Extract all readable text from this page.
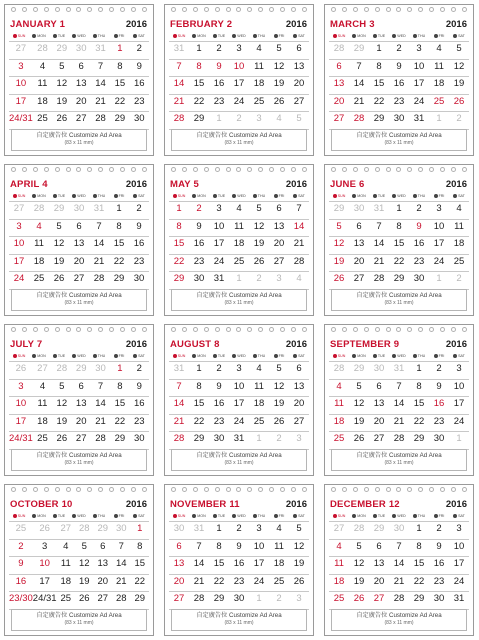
JANUARY 1	2016
SUN	MON	TUE	WED	THU	FRI	SAT
27	28 29 30 31	1	2
3	4	5	6	7	8	9
10	11 12 13 14 15 16
17	18 19 20 21 22 23
24/31 25 26 27 28 29 30
自定廣告位 Customize Ad Area
(83 x 11 mm)
FEBRUARY 2	2016
SUN	MON	TUE	WED	THU	FRI	SAT
31	1	2	3	4	5	6
7	8	9	10	11	12 13
14 15 16 17 18 19 20
21 22 23 24 25 26 27
28 29	1	2	3	4	5
自定廣告位 Customize Ad Area
(83 x 11 mm)
MARCH 3	2016
SUN	MON	TUE	WED	THU	FRI	SAT
28 29	1	2	3	4	5
6	7	8	9	10	11	12
13 14 15 16 17 18 19
20 21 22 23 24 25 26
27 28 29 30 31	1	2
自定廣告位 Customize Ad Area
(83 x 11 mm)
APRIL 4	2016
SUN	MON	TUE	WED	THU	FRI	SAT
27 28 29 30 31	1	2
3	4	5	6	7	8	9
10	11	12 13 14 15 16
17 18 19 20 21 22 23
24 25 26 27 28 29 30
自定廣告位 Customize Ad Area
(83 x 11 mm)
MAY 5	2016
SUN	MON	TUE	WED	THU	FRI	SAT
1	2	3	4	5	6	7
8	9	10	11	12 13 14
15 16 17 18 19 20 21
22 23 24 25 26 27 28
29 30 31	1	2	3	4
自定廣告位 Customize Ad Area
(83 x 11 mm)
JUNE 6	2016
SUN	MON	TUE	WED	THU	FRI	SAT
29 30 31	1	2	3	4
5	6	7	8	9	10	11
12 13 14 15 16 17 18
19 20 21 22 23 24 25
26 27 28 29 30	1	2
自定廣告位 Customize Ad Area
(83 x 11 mm)
JULY 7	2016
SUN	MON	TUE	WED	THU	FRI	SAT
26	27 28 29 30	1	2
3	4	5	6	7	8	9
10	11 12 13 14 15 16
17	18 19 20 21 22 23
24/31 25 26 27 28 29 30
自定廣告位 Customize Ad Area
(83 x 11 mm)
AUGUST 8	2016
SUN	MON	TUE	WED	THU	FRI	SAT
31	1	2	3	4	5	6
7	8	9	10	11	12 13
14 15 16 17 18 19 20
21 22 23 24 25 26 27
28 29 30 31	1	2	3
自定廣告位 Customize Ad Area
(83 x 11 mm)
SEPTEMBER 9	2016
SUN	MON	TUE	WED	THU	FRI	SAT
28 29 30 31	1	2	3
4	5	6	7	8	9	10
11	12 13 14 15 16 17
18 19 20 21 22 23 24
25 26 27 28 29 30	1
自定廣告位 Customize Ad Area
(83 x 11 mm)
OCTOBER 10	2016
SUN	MON	TUE	WED	THU	FRI	SAT
25	26	27 28 29 30	1
2	3	4	5	6	7	8
9	10	11 12 13 14 15
16	17	18 19 20 21 22
23/30 24/31 25 26 27 28 29
自定廣告位 Customize Ad Area
(83 x 11 mm)
NOVEMBER 11	2016
SUN	MON	TUE	WED	THU	FRI	SAT
30 31	1	2	3	4	5
6	7	8	9	10	11	12
13 14 15 16 17 18 19
20 21 22 23 24 25 26
27 28 29 30	1	2	3
自定廣告位 Customize Ad Area
(83 x 11 mm)
DECEMBER 12	2016
SUN	MON	TUE	WED	THU	FRI	SAT
27 28 29 30	1	2	3
4	5	6	7	8	9	10
11	12 13 14 15 16 17
18 19 20 21 22 23 24
25 26 27 28 29 30 31
自定廣告位 Customize Ad Area
(83 x 11 mm)
